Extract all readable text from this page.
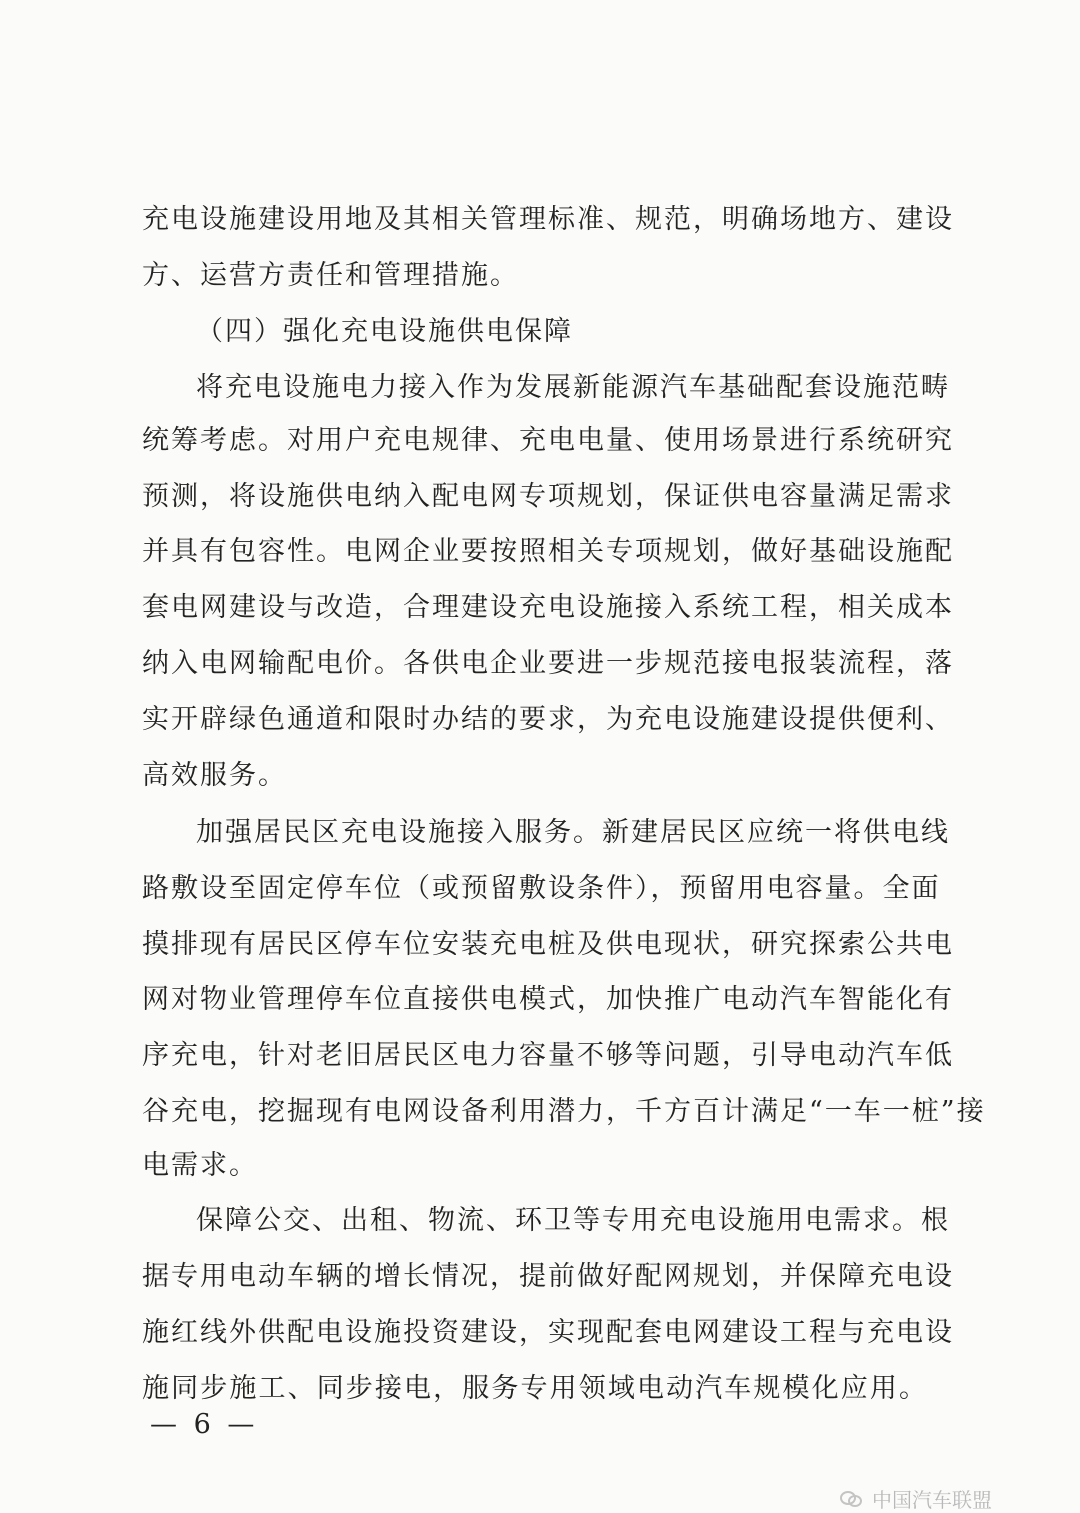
充电设施建设用地及其相关管理标准、规范，明确场地方、建设
方、运营方责任和管理措施。
（四）强化充电设施供电保障
将充电设施电力接入作为发展新能源汽车基础配套设施范畴
统筹考虑。对用户充电规律、充电电量、使用场景进行系统研究
预测，将设施供电纳入配电网专项规划，保证供电容量满足需求
并具有包容性。电网企业要按照相关专项规划，做好基础设施配
套电网建设与改造，合理建设充电设施接入系统工程，相关成本
纳入电网输配电价。各供电企业要进一步规范接电报装流程，落
实开辟绿色通道和限时办结的要求，为充电设施建设提供便利、
高效服务。
加强居民区充电设施接入服务。新建居民区应统一将供电线
路敷设至固定停车位（或预留敷设条件），预留用电容量。全面
摸排现有居民区停车位安装充电桩及供电现状，研究探索公共电
网对物业管理停车位直接供电模式，加快推广电动汽车智能化有
序充电，针对老旧居民区电力容量不够等问题，引导电动汽车低
谷充电，挖掘现有电网设备利用潜力，千方百计满足“一车一桩”接
电需求。
保障公交、出租、物流、环卫等专用充电设施用电需求。根
据专用电动车辆的增长情况，提前做好配网规划，并保障充电设
施红线外供配电设施投资建设，实现配套电网建设工程与充电设
施同步施工、同步接电，服务专用领域电动汽车规模化应用。
— 6 —
中国汽车联盟
